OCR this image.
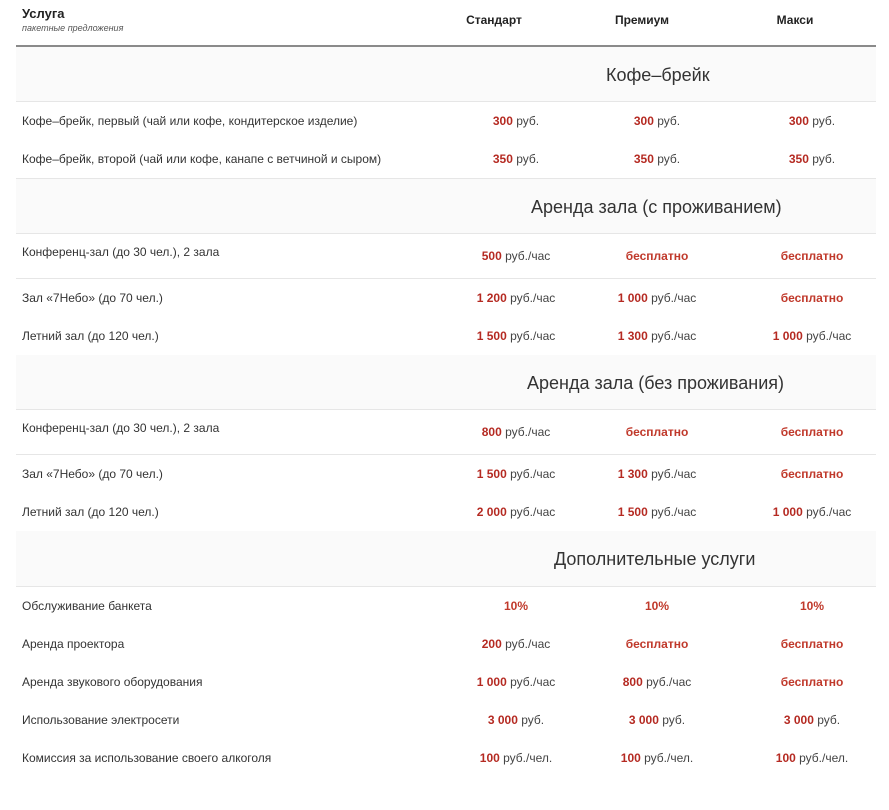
Услуга
пакетные предложения
Стандарт	Премиум	Макси
Кофе–брейк
Кофе–брейк, первый (чай или кофе, кондитерское изделие)	300 руб.	300 руб.	300 руб.
Кофе–брейк, второй (чай или кофе, канапе с ветчиной и сыром)	350 руб.	350 руб.	350 руб.
Аренда зала (с проживанием)
Конференц-зал (до 30 чел.), 2 зала	500 руб./час	бесплатно	бесплатно
Зал «7Небо» (до 70 чел.)	1 200 руб./час	1 000 руб./час	бесплатно
Летний зал (до 120 чел.)	1 500 руб./час	1 300 руб./час	1 000 руб./час
Аренда зала (без проживания)
Конференц-зал (до 30 чел.), 2 зала	800 руб./час	бесплатно	бесплатно
Зал «7Небо» (до 70 чел.)	1 500 руб./час	1 300 руб./час	бесплатно
Летний зал (до 120 чел.)	2 000 руб./час	1 500 руб./час	1 000 руб./час
Дополнительные услуги
Обслуживание банкета	10%	10%	10%
Аренда проектора	200 руб./час	бесплатно	бесплатно
Аренда звукового оборудования	1 000 руб./час	800 руб./час	бесплатно
Использование электросети	3 000 руб.	3 000 руб.	3 000 руб.
Комиссия за использование своего алкоголя	100 руб./чел.	100 руб./чел.	100 руб./чел.
